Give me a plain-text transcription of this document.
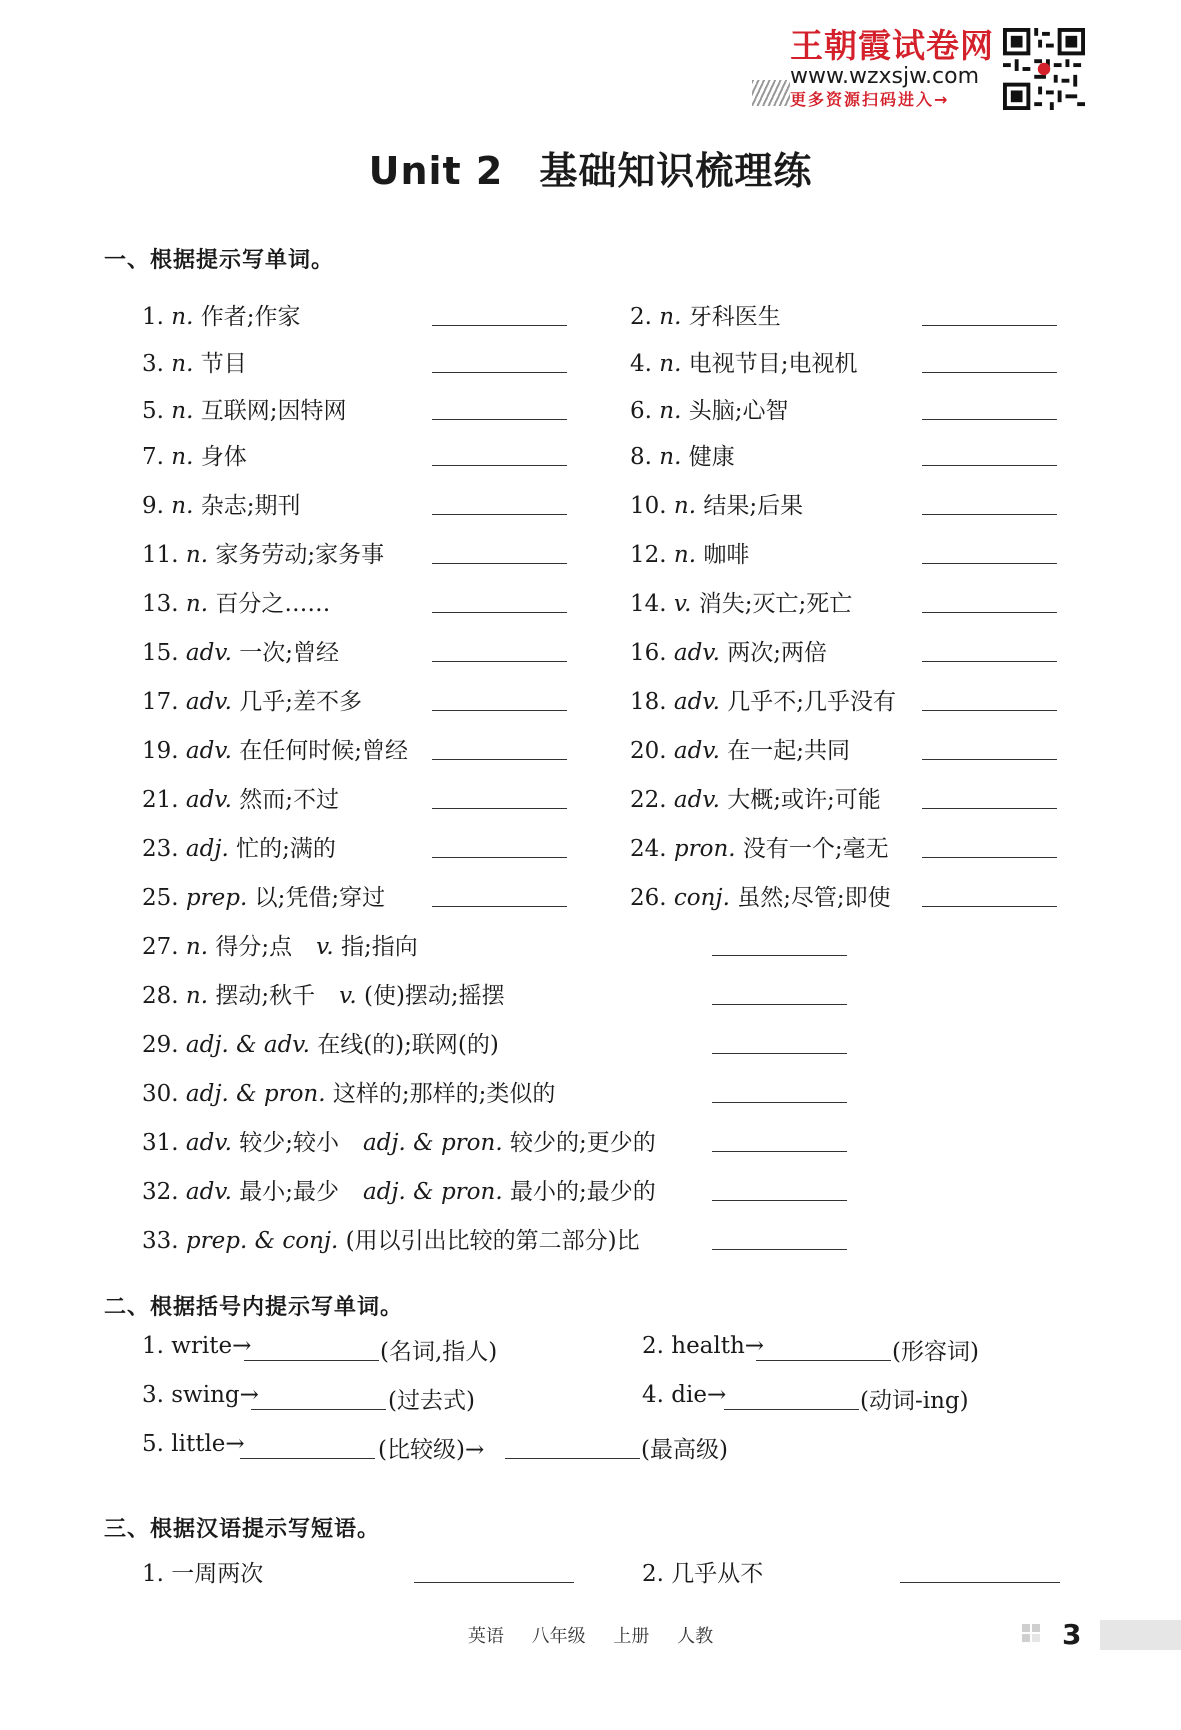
王朝霞试卷网
www.wzxsjw.com
更多资源扫码进入→
Unit 2 基础知识梳理练
一、根据提示写单词。
1. n. 作者;作家	2. n. 牙科医生
3. n. 节目	4. n. 电视节目;电视机
5. n. 互联网;因特网	6. n. 头脑;心智
7. n. 身体	8. n. 健康
9. n. 杂志;期刊	10. n. 结果;后果
11. n. 家务劳动;家务事	12. n. 咖啡
13. n. 百分之……	14. v. 消失;灭亡;死亡
15. adv. 一次;曾经	16. adv. 两次;两倍
17. adv. 几乎;差不多	18. adv. 几乎不;几乎没有
19. adv. 在任何时候;曾经	20. adv. 在一起;共同
21. adv. 然而;不过	22. adv. 大概;或许;可能
23. adj. 忙的;满的	24. pron. 没有一个;毫无
25. prep. 以;凭借;穿过	26. conj. 虽然;尽管;即使
27. n. 得分;点 v. 指;指向
28. n. 摆动;秋千 v. (使)摆动;摇摆
29. adj. & adv. 在线(的);联网(的)
30. adj. & pron. 这样的;那样的;类似的
31. adv. 较少;较小 adj. & pron. 较少的;更少的
32. adv. 最小;最少 adj. & pron. 最小的;最少的
33. prep. & conj. (用以引出比较的第二部分)比
二、根据括号内提示写单词。
1. write→	(名词,指人)	2. health→	(形容词)
3. swing→	(过去式)	4. die→	(动词-ing)
5. little→	(比较级)→	(最高级)
三、根据汉语提示写短语。
1. 一周两次	2. 几乎从不
英语 八年级 上册 人教	3
